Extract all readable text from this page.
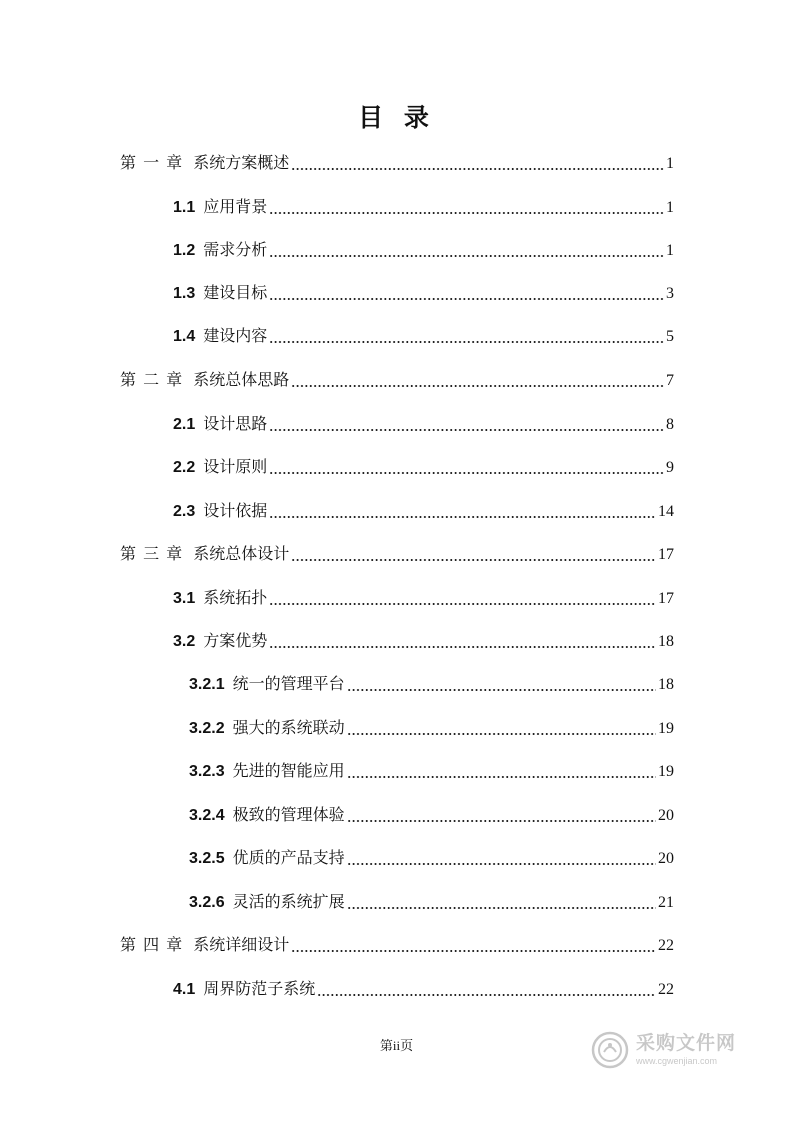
目 录
第 一 章 系统方案概述	1
1.1 应用背景	1
1.2 需求分析	1
1.3 建设目标	3
1.4 建设内容	5
第 二 章 系统总体思路	7
2.1 设计思路	8
2.2 设计原则	9
2.3 设计依据	14
第 三 章 系统总体设计	17
3.1 系统拓扑	17
3.2 方案优势	18
3.2.1 统一的管理平台	18
3.2.2 强大的系统联动	19
3.2.3 先进的智能应用	19
3.2.4 极致的管理体验	20
3.2.5 优质的产品支持	20
3.2.6 灵活的系统扩展	21
第 四 章 系统详细设计	22
4.1 周界防范子系统	22
第ii页	采购文件网
www.cgwenjian.com
